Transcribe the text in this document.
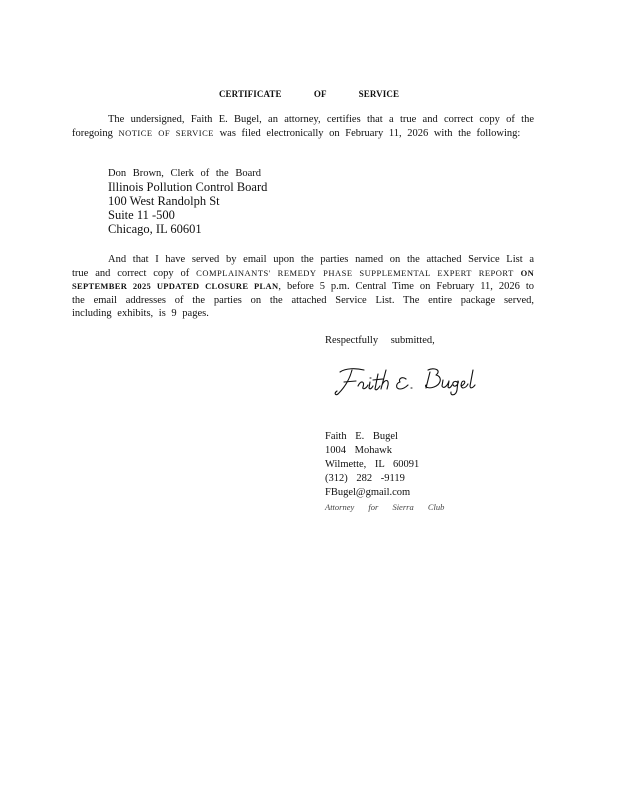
CERTIFICATE OF SERVICE
The undersigned, Faith E. Bugel, an attorney, certifies that a true and correct copy of the foregoing NOTICE OF SERVICE was filed electronically on February 11, 2026 with the following:
Don Brown, Clerk of the Board
Illinois Pollution Control Board
100 West Randolph St
Suite 11 -500
Chicago, IL 60601
And that I have served by email upon the parties named on the attached Service List a true and correct copy of COMPLAINANTS' REMEDY PHASE SUPPLEMENTAL EXPERT REPORT ON SEPTEMBER 2025 UPDATED CLOSURE PLAN, before 5 p.m. Central Time on February 11, 2026 to the email addresses of the parties on the attached Service List. The entire package served, including exhibits, is 9 pages.
Respectfully submitted,
Faith E. Bugel
1004 Mohawk
Wilmette, IL 60091
(312) 282 -9119
FBugel@gmail.com
Attorney for Sierra Club
